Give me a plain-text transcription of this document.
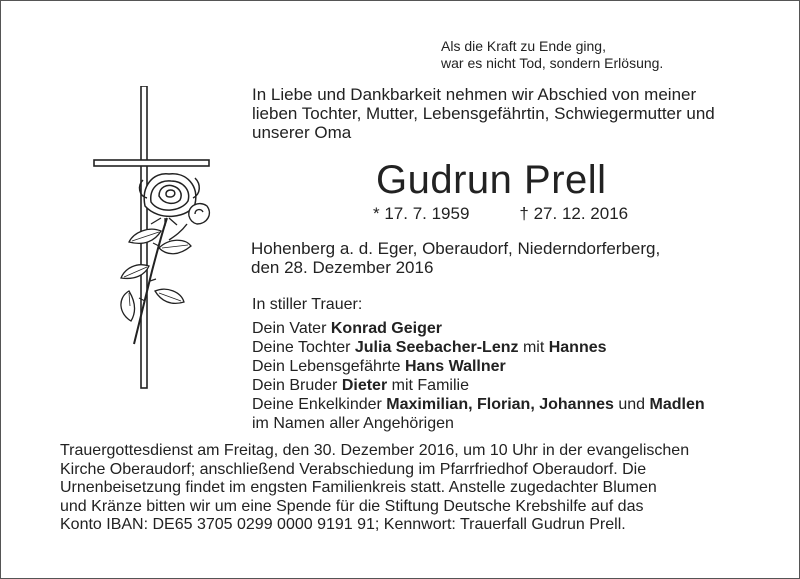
Als die Kraft zu Ende ging,
war es nicht Tod, sondern Erlösung.
In Liebe und Dankbarkeit nehmen wir Abschied von meiner
lieben Tochter, Mutter, Lebensgefährtin, Schwiegermutter und
unserer Oma
Gudrun Prell
* 17. 7. 1959	† 27. 12. 2016
Hohenberg a. d. Eger, Oberaudorf, Niederndorferberg,
den 28. Dezember 2016
In stiller Trauer:
Dein Vater Konrad Geiger
Deine Tochter Julia Seebacher-Lenz mit Hannes
Dein Lebensgefährte Hans Wallner
Dein Bruder Dieter mit Familie
Deine Enkelkinder Maximilian, Florian, Johannes und Madlen
im Namen aller Angehörigen
Trauergottesdienst am Freitag, den 30. Dezember 2016, um 10 Uhr in der evangelischen
Kirche Oberaudorf; anschließend Verabschiedung im Pfarrfriedhof Oberaudorf. Die
Urnenbeisetzung findet im engsten Familienkreis statt. Anstelle zugedachter Blumen
und Kränze bitten wir um eine Spende für die Stiftung Deutsche Krebshilfe auf das
Konto IBAN: DE65 3705 0299 0000 9191 91; Kennwort: Trauerfall Gudrun Prell.
